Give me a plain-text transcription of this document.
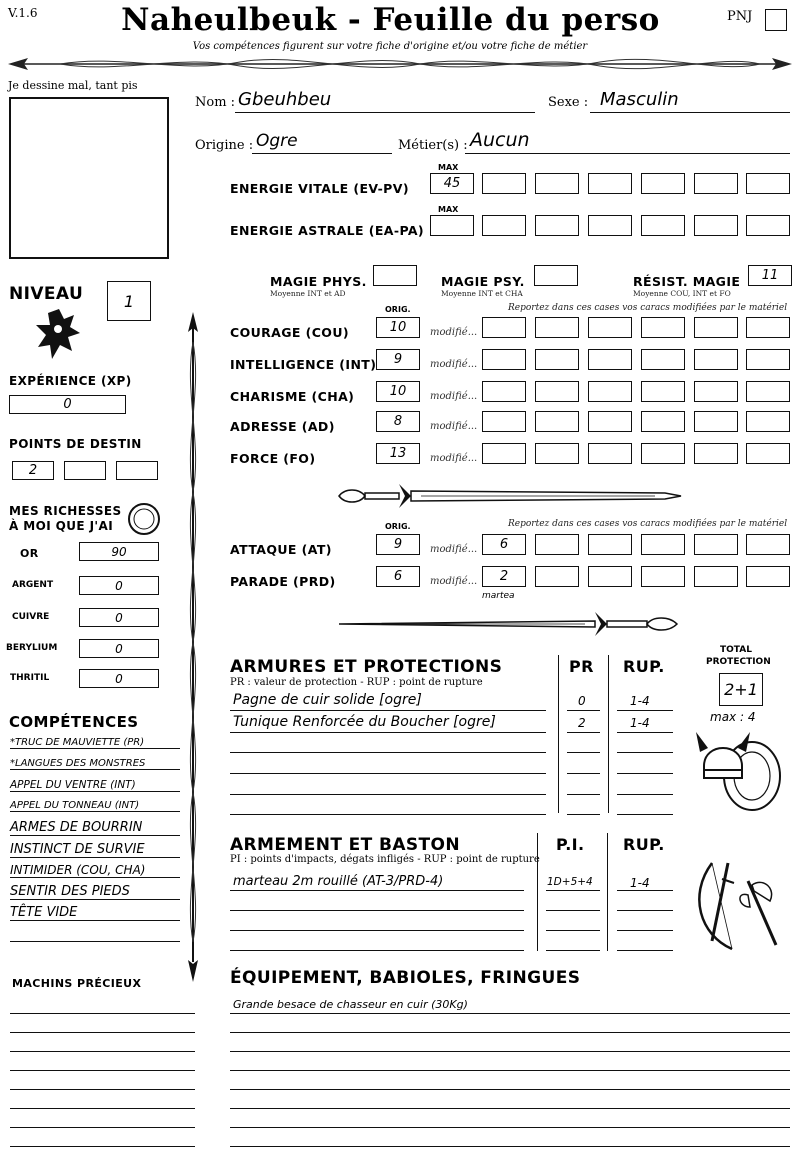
V.1.6	Naheulbeuk - Feuille du perso
Vos compétences figurent sur votre fiche d'origine et/ou votre fiche de métier
PNJ
Je dessine mal, tant pis
Nom : Gbeuhbeu	Sexe : Masculin
Origine : Ogre	Métier(s) : Aucun
MAX
ENERGIE VITALE (EV-PV)	45
MAX
ENERGIE ASTRALE (EA-PA)
MAGIE PHYS.
Moyenne INT et AD
MAGIE PSY.
Moyenne INT et CHA
RÉSIST. MAGIE
Moyenne COU, INT et FO
11
NIVEAU	1
EXPÉRIENCE (XP)
0
POINTS DE DESTIN
2
MES RICHESSES
À MOI QUE J'AI
OR	90
ARGENT	0
CUIVRE	0
BERYLIUM	0
THRITIL	0
COMPÉTENCES
*TRUC DE MAUVIETTE (PR)
*LANGUES DES MONSTRES
APPEL DU VENTRE (INT)
APPEL DU TONNEAU (INT)
ARMES DE BOURRIN
INSTINCT DE SURVIE
INTIMIDER (COU, CHA)
SENTIR DES PIEDS
TÊTE VIDE
MACHINS PRÉCIEUX
ORIG.	Reportez dans ces cases vos caracs modifiées par le matériel
COURAGE (COU)	10	modifié...
INTELLIGENCE (INT)	9	modifié...
CHARISME (CHA)	10	modifié...
ADRESSE (AD)	8	modifié...
FORCE (FO)	13	modifié...
ORIG.	Reportez dans ces cases vos caracs modifiées par le matériel
ATTAQUE (AT)	9	modifié...	6
PARADE (PRD)	6	modifié...	2
martea
ARMURES ET PROTECTIONS
PR : valeur de protection - RUP : point de rupture
PR RUP.
Pagne de cuir solide [ogre]	0	1-4
Tunique Renforcée du Boucher [ogre]	2	1-4
TOTAL
PROTECTION
2+1
max : 4
ARMEMENT ET BASTON
PI : points d'impacts, dégats infligés - RUP : point de rupture
P.I. RUP.
marteau 2m rouillé (AT-3/PRD-4)	1D+5+4	1-4
ÉQUIPEMENT, BABIOLES, FRINGUES
Grande besace de chasseur en cuir (30Kg)
